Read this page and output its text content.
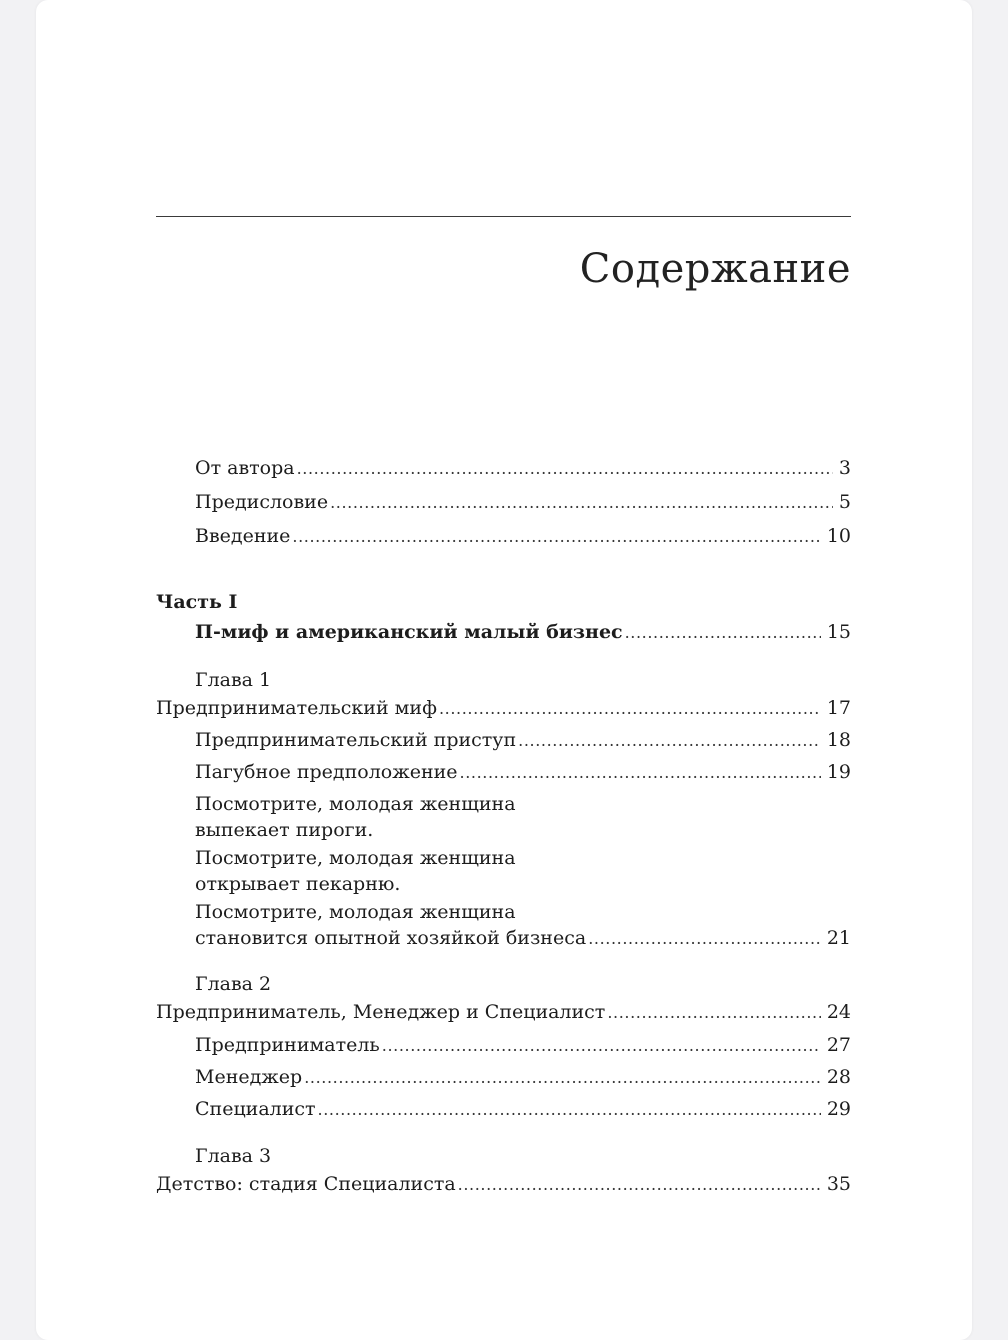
Содержание
От автора .....	3
Предисловие .....	5
Введение .....	10
Часть I
П-миф и американский малый бизнес .....	15
Глава 1
Предпринимательский миф .....	17
Предпринимательский приступ .....	18
Пагубное предположение .....	19
Посмотрите, молодая женщина
выпекает пироги.
Посмотрите, молодая женщина
открывает пекарню.
Посмотрите, молодая женщина
становится опытной хозяйкой бизнеса .....	21
Глава 2
Предприниматель, Менеджер и Специалист .....	24
Предприниматель .....	27
Менеджер .....	28
Специалист .....	29
Глава 3
Детство: стадия Специалиста .....	35
